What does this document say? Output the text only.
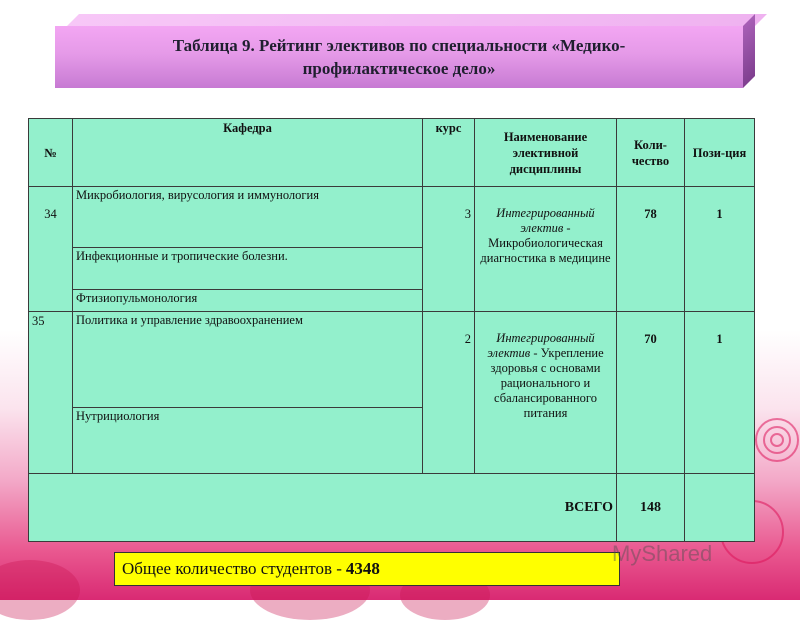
Таблица 9. Рейтинг элективов по специальности «Медико-
профилактическое дело»
№	Кафедра	курс	Наименование элективной дисциплины	Коли-чество	Пози-ция
34	Микробиология, вирусология и иммунология	3	Интегрированный электив - Микробиологическая диагностика в медицине	78	1
	Инфекционные и тропические болезни.				
	Фтизиопульмонология				
35	Политика и управление здравоохранением	2	Интегрированный электив - Укрепление здоровья с основами рационального и сбалансированного питания	70	1
	Нутрициология				
ВСЕГО				148	
Общее количество студентов - 4348
MyShared
